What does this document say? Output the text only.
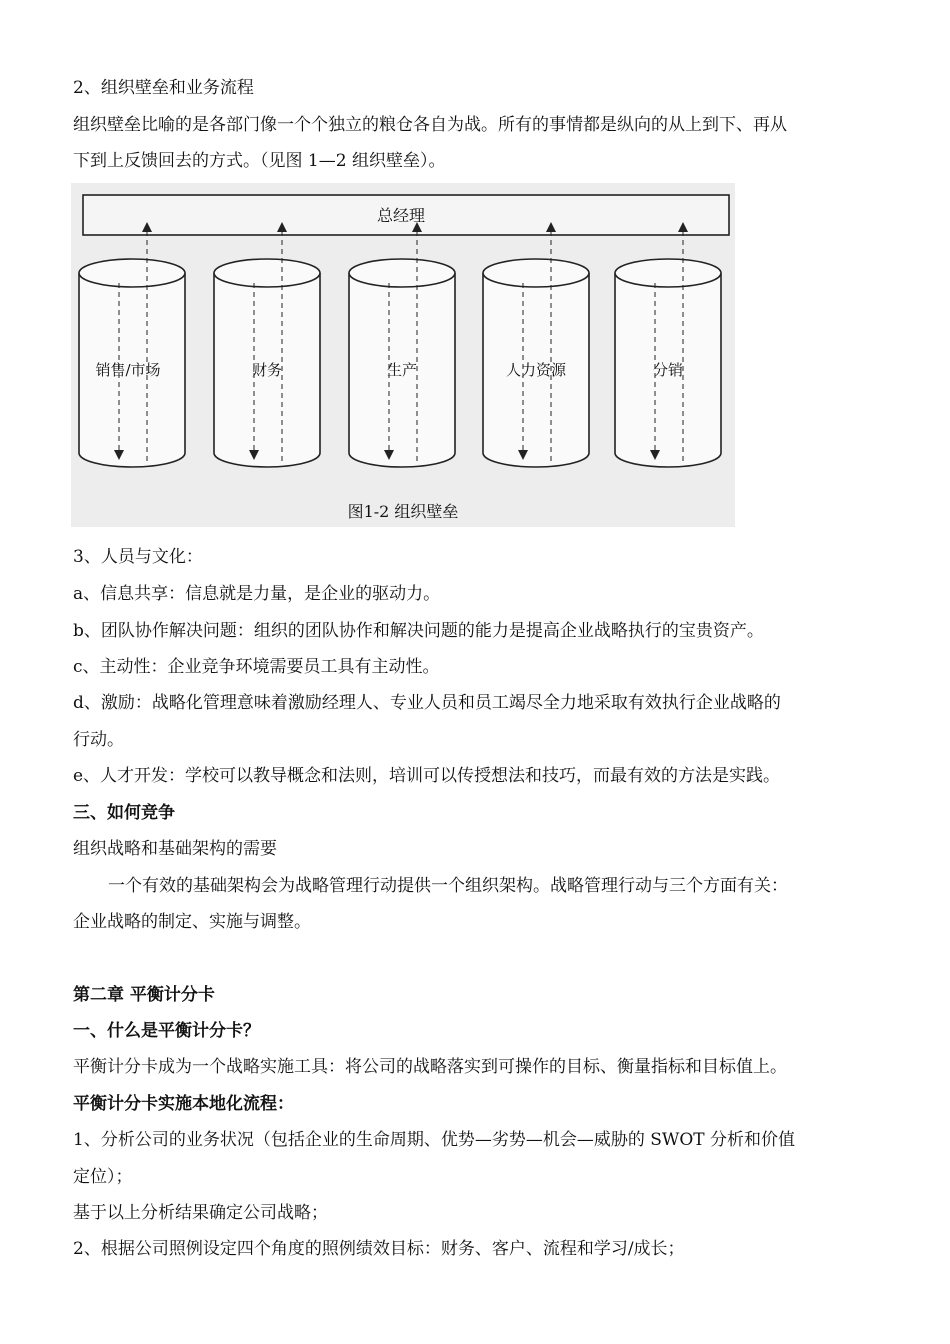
2、组织壁垒和业务流程
组织壁垒比喻的是各部门像一个个独立的粮仓各自为战。所有的事情都是纵向的从上到下、再从
下到上反馈回去的方式。（见图 1—2 组织壁垒）。
总经理
销售/市场	财务	生产	人力资源	分销
图1-2 组织壁垒
3、人员与文化：
a、信息共享：信息就是力量，是企业的驱动力。
b、团队协作解决问题：组织的团队协作和解决问题的能力是提高企业战略执行的宝贵资产。
c、主动性：企业竞争环境需要员工具有主动性。
d、激励：战略化管理意味着激励经理人、专业人员和员工竭尽全力地采取有效执行企业战略的
行动。
e、人才开发：学校可以教导概念和法则，培训可以传授想法和技巧，而最有效的方法是实践。
三、如何竞争
组织战略和基础架构的需要
一个有效的基础架构会为战略管理行动提供一个组织架构。战略管理行动与三个方面有关：
企业战略的制定、实施与调整。
第二章 平衡计分卡
一、什么是平衡计分卡？
平衡计分卡成为一个战略实施工具：将公司的战略落实到可操作的目标、衡量指标和目标值上。
平衡计分卡实施本地化流程：
1、分析公司的业务状况（包括企业的生命周期、优势—劣势—机会—威胁的 SWOT 分析和价值
定位）；
基于以上分析结果确定公司战略；
2、根据公司照例设定四个角度的照例绩效目标：财务、客户、流程和学习/成长；
